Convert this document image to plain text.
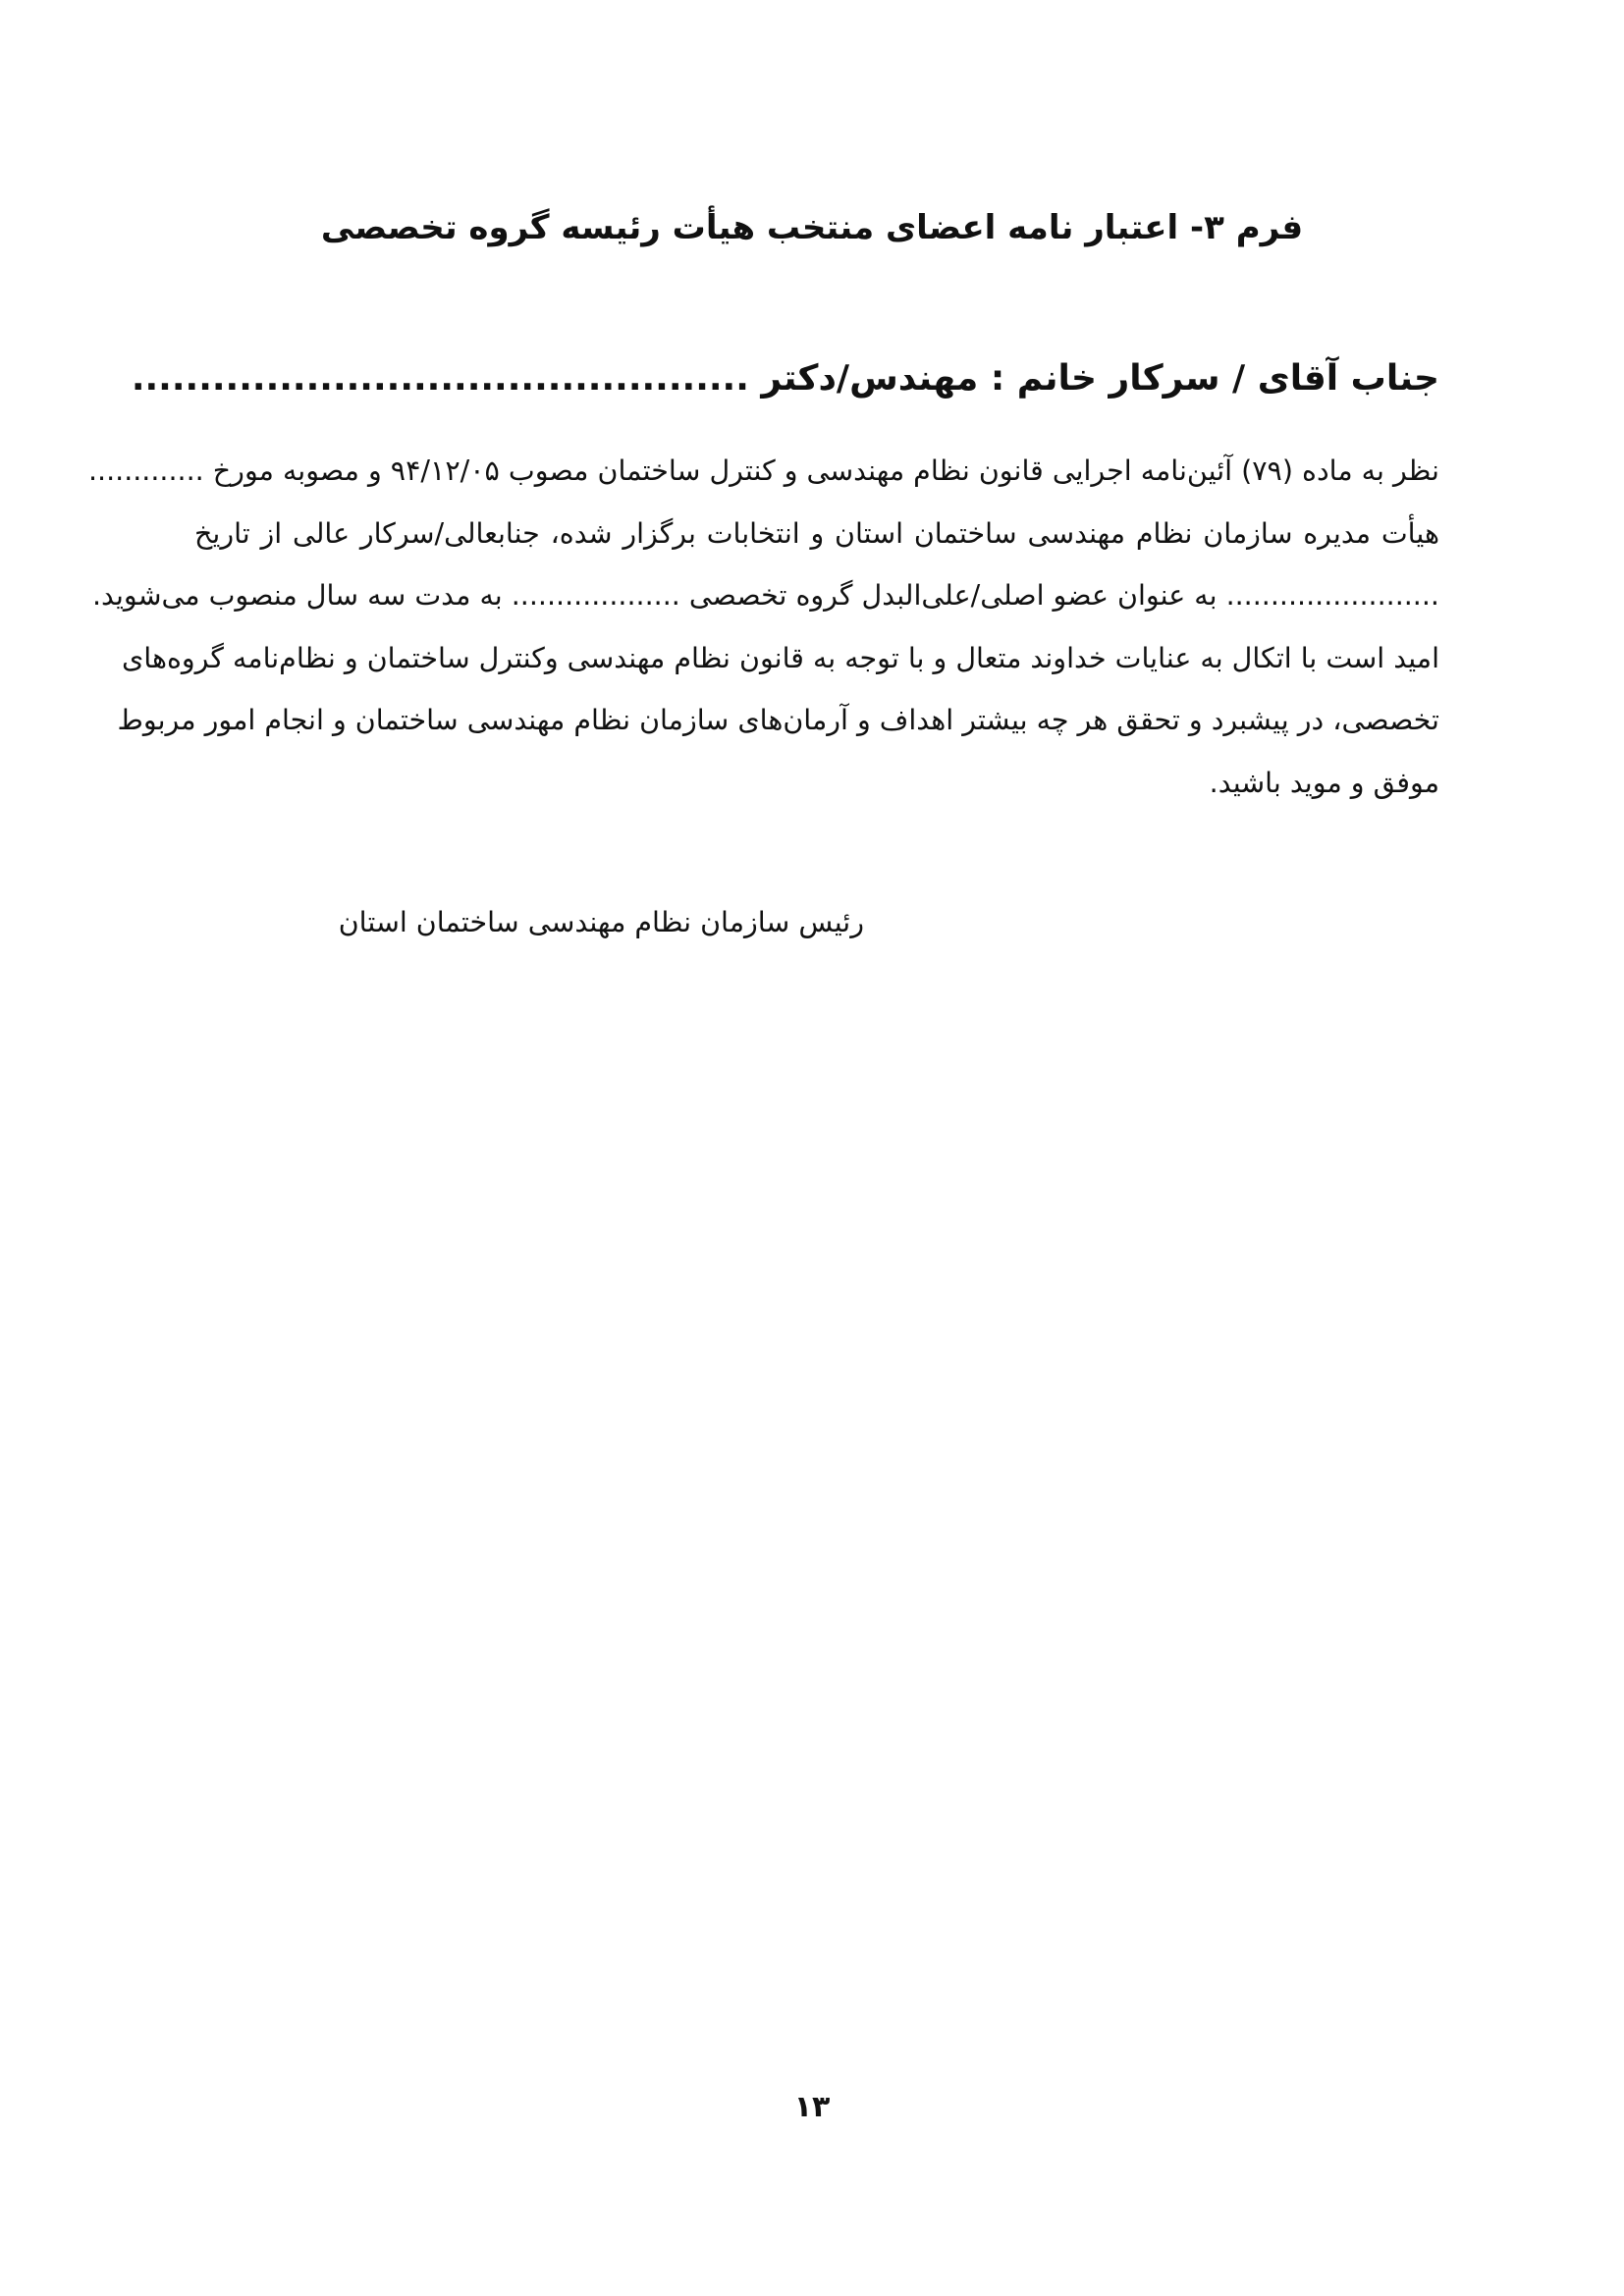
فرم ۳- اعتبار نامه اعضای منتخب هیأت رئیسه گروه تخصصی
جناب آقای / سرکار خانم : مهندس/دکتر ..............................................
نظر به ماده (۷۹) آئین‌نامه اجرایی قانون نظام مهندسی و کنترل ساختمان مصوب ۹۴/۱۲/۰۵ و مصوبه مورخ .............
هیأت مدیره سازمان نظام مهندسی ساختمان استان و انتخابات برگزار شده، جنابعالی/سرکار عالی از تاریخ
........................ به عنوان عضو اصلی/علی‌البدل گروه تخصصی ................... به مدت سه سال منصوب می‌شوید.
امید است با اتکال به عنایات خداوند متعال و با توجه به قانون نظام مهندسی وکنترل ساختمان و نظام‌نامه گروه‌های
تخصصی، در پیشبرد و تحقق هر چه بیشتر اهداف و آرمان‌های سازمان نظام مهندسی ساختمان و انجام امور مربوط
موفق و موید باشید.
رئیس سازمان نظام مهندسی ساختمان استان
۱۳
